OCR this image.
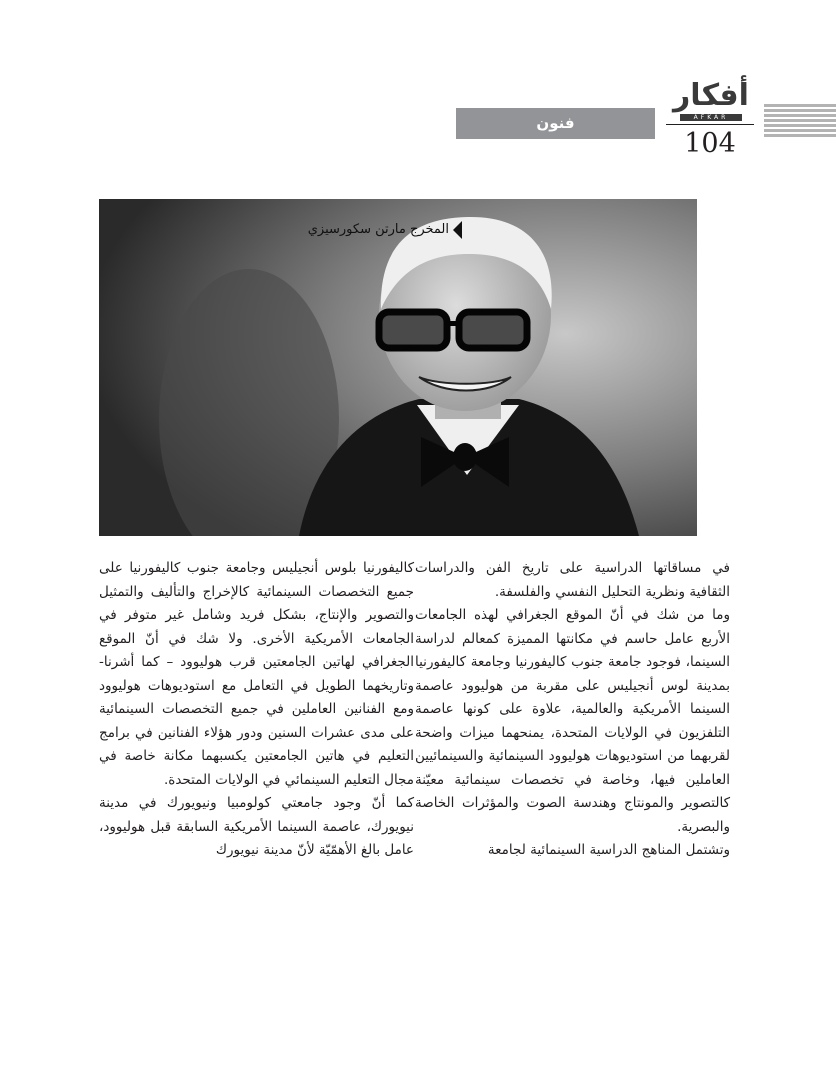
أفكار
AFKAR
104
فنون
المخرج مارتن سكورسيزي

في مساقاتها الدراسية على تاريخ الفن والدراسات الثقافية ونظرية التحليل النفسي والفلسفة.

وما من شك في أنّ الموقع الجغرافي لهذه الجامعات الأربع عامل حاسم في مكانتها المميزة كمعالم لدراسة السينما، فوجود جامعة جنوب كاليفورنيا وجامعة كاليفورنيا بمدينة لوس أنجيليس على مقربة من هوليوود عاصمة السينما الأمريكية والعالمية، علاوة على كونها عاصمة التلفزيون في الولايات المتحدة، يمنحهما ميزات واضحة لقربهما من استوديوهات هوليوود السينمائية والسينمائيين العاملين فيها، وخاصة في تخصصات سينمائية معيّنة كالتصوير والمونتاج وهندسة الصوت والمؤثرات الخاصة والبصرية.

وتشتمل المناهج الدراسية السينمائية لجامعة

كاليفورنيا بلوس أنجيليس وجامعة جنوب كاليفورنيا على جميع التخصصات السينمائية كالإخراج والتأليف والتمثيل والتصوير والإنتاج، بشكل فريد وشامل غير متوفر في الجامعات الأمريكية الأخرى. ولا شك في أنّ الموقع الجغرافي لهاتين الجامعتين قرب هوليوود – كما أشرنا- وتاريخهما الطويل في التعامل مع استوديوهات هوليوود ومع الفنانين العاملين في جميع التخصصات السينمائية على مدى عشرات السنين ودور هؤلاء الفنانين في برامج التعليم في هاتين الجامعتين يكسبهما مكانة خاصة في مجال التعليم السينمائي في الولايات المتحدة.

كما أنّ وجود جامعتي كولومبيا ونيويورك في مدينة نيويورك، عاصمة السينما الأمريكية السابقة قبل هوليوود، عامل بالغ الأهمّيّة لأنّ مدينة نيويورك
